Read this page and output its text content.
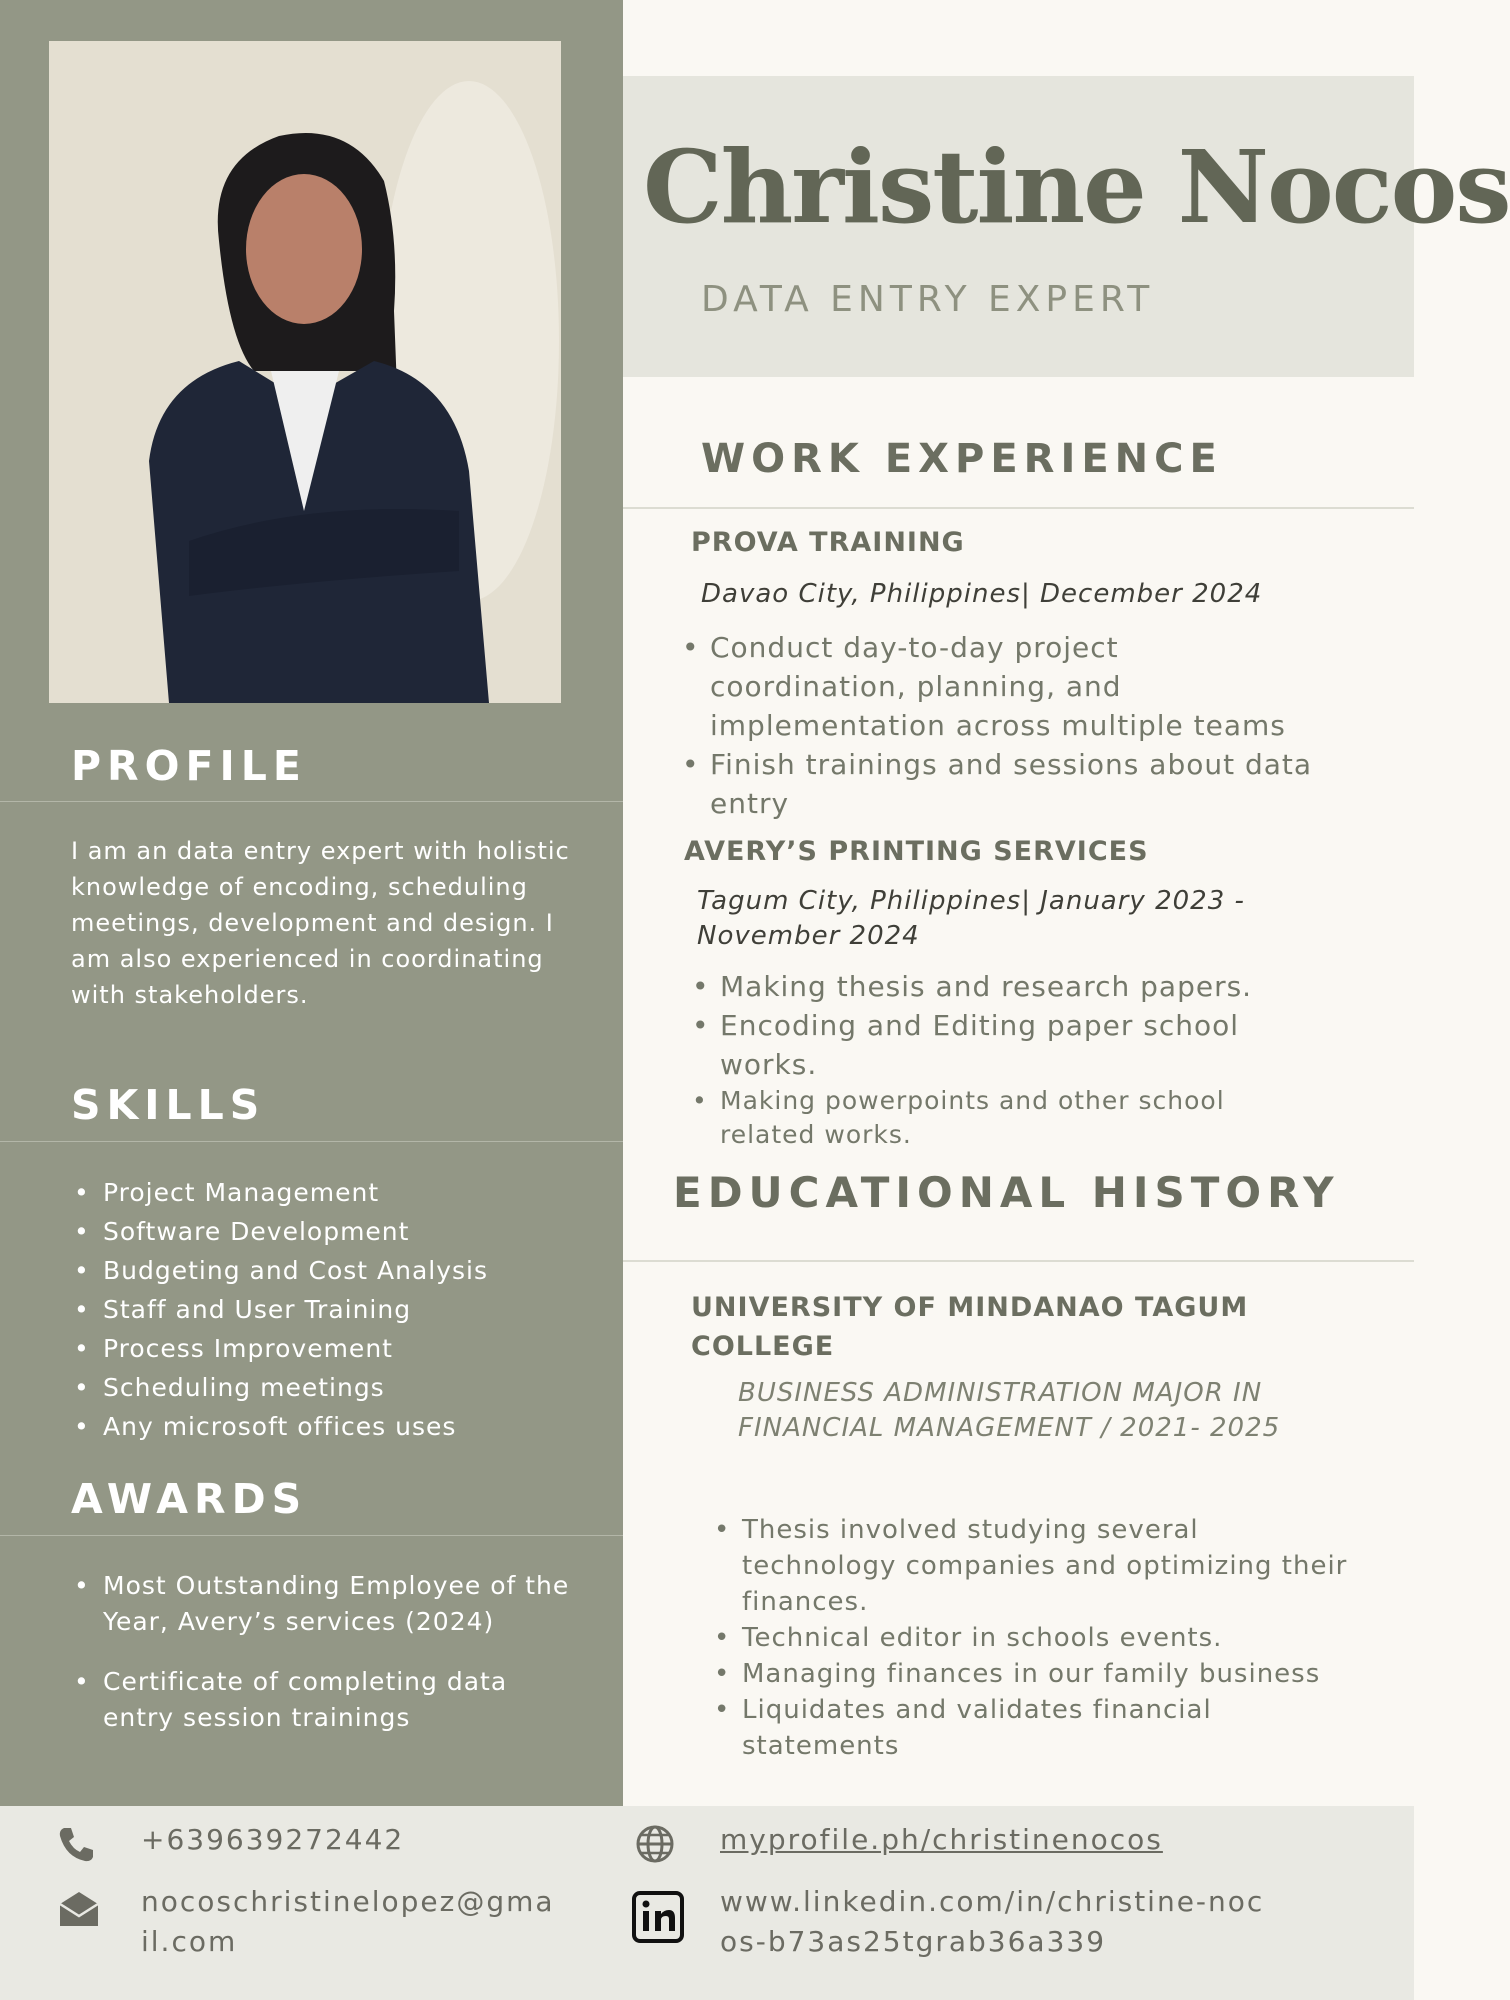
PROFILE

I am an data entry expert with holistic knowledge of encoding, scheduling meetings, development and design. I am also experienced in coordinating with stakeholders.

SKILLS
• Project Management
• Software Development
• Budgeting and Cost Analysis
• Staff and User Training
• Process Improvement
• Scheduling meetings
• Any microsoft offices uses
AWARDS
• Most Outstanding Employee of the Year, Avery’s services (2024)
• Certificate of completing data entry session trainings
Christine Nocos
DATA ENTRY EXPERT
WORK EXPERIENCE
PROVA TRAINING
Davao City, Philippines| December 2024
• Conduct day-to-day project coordination, planning, and implementation across multiple teams
• Finish trainings and sessions about data entry
AVERY’S PRINTING SERVICES
Tagum City, Philippines| January 2023 - November 2024
• Making thesis and research papers.
• Encoding and Editing paper school works.
• Making powerpoints and other school related works.
EDUCATIONAL HISTORY
UNIVERSITY OF MINDANAO TAGUM COLLEGE
BUSINESS ADMINISTRATION MAJOR IN FINANCIAL MANAGEMENT / 2021- 2025
• Thesis involved studying several technology companies and optimizing their finances.
• Technical editor in schools events.
• Managing finances in our family business
• Liquidates and validates financial statements
+639639272442
nocoschristinelopez@gmail.com
myprofile.ph/christinenocos
www.linkedin.com/in/christine-nocos-b73as25tgrab36a339
